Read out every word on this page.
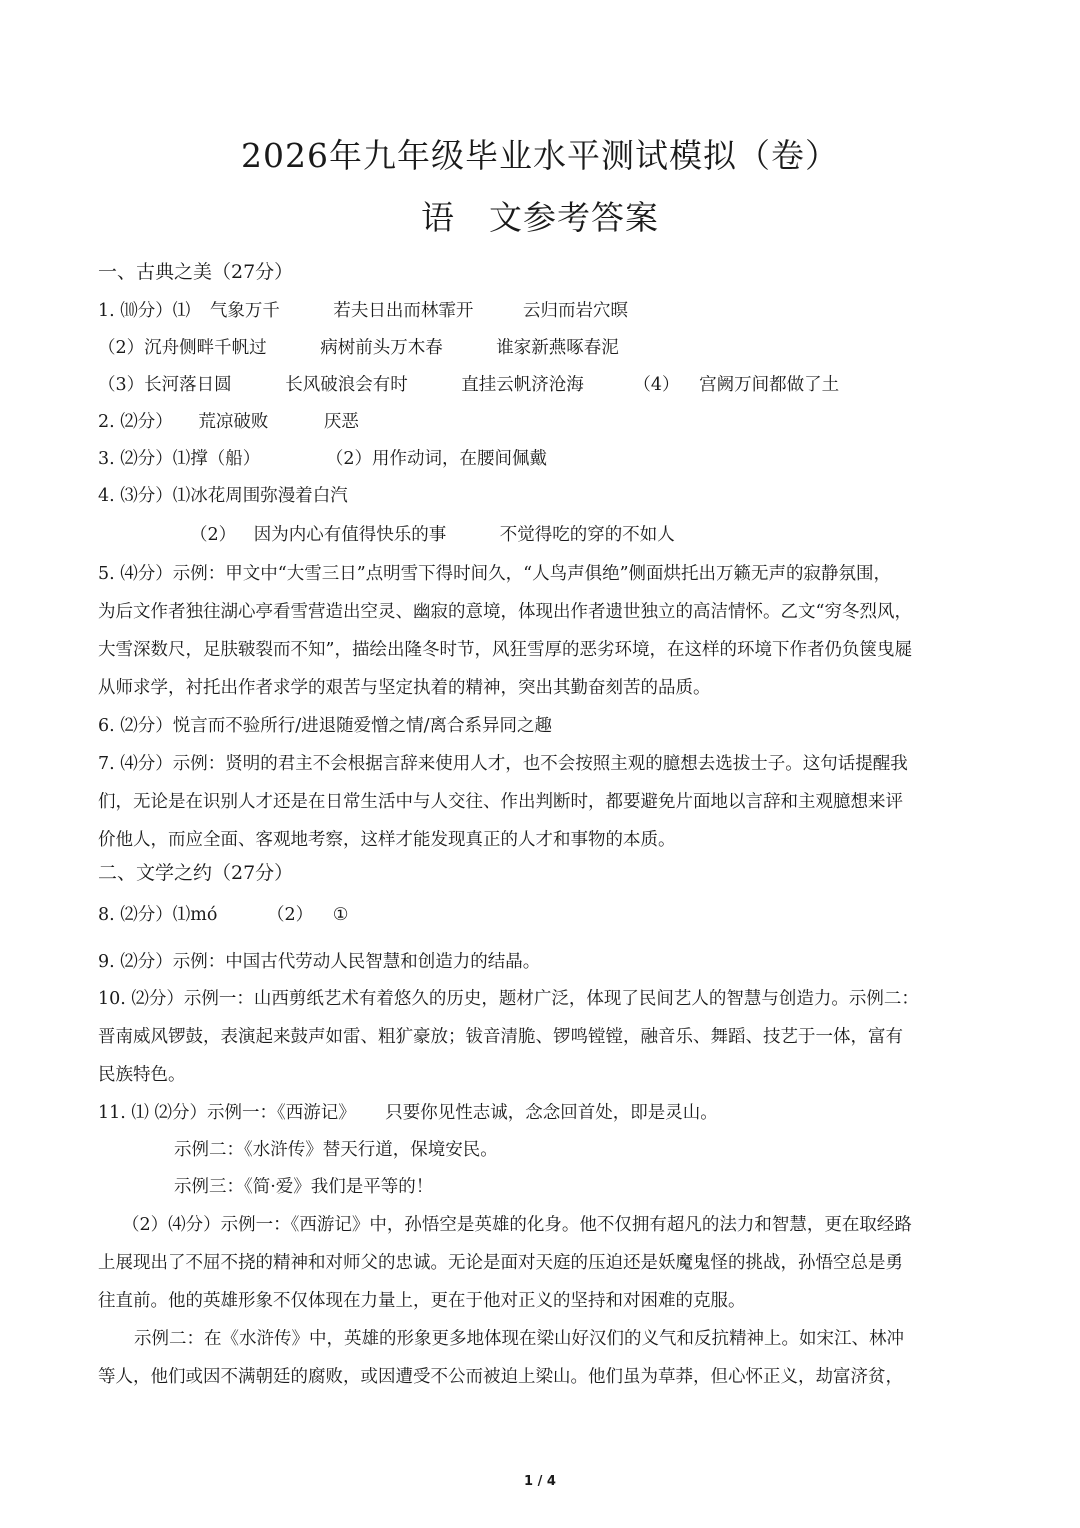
2026年九年级毕业水平测试模拟（卷）
语　文参考答案
一、古典之美（27分）
1. ⑽分）⑴ 气象万千	若夫日出而林霏开	云归而岩穴暝
（2）沉舟侧畔千帆过	病树前头万木春	谁家新燕啄春泥
（3）长河落日圆	长风破浪会有时	直挂云帆济沧海	（4） 宫阙万间都做了土
2. ⑵分） 荒凉破败	厌恶
3. ⑵分）⑴撑（船）	（2）用作动词，在腰间佩戴
4. ⑶分）⑴冰花周围弥漫着白汽
（2） 因为内心有值得快乐的事	不觉得吃的穿的不如人
5. ⑷分）示例：甲文中“大雪三日”点明雪下得时间久，“人鸟声俱绝”侧面烘托出万籁无声的寂静氛围，
为后文作者独往湖心亭看雪营造出空灵、幽寂的意境，体现出作者遗世独立的高洁情怀。乙文“穷冬烈风，
大雪深数尺，足肤皲裂而不知”，描绘出隆冬时节，风狂雪厚的恶劣环境，在这样的环境下作者仍负箧曳屣
从师求学，衬托出作者求学的艰苦与坚定执着的精神，突出其勤奋刻苦的品质。
6. ⑵分）悦言而不验所行/进退随爱憎之情/离合系异同之趣
7. ⑷分）示例：贤明的君主不会根据言辞来使用人才，也不会按照主观的臆想去选拔士子。这句话提醒我
们，无论是在识别人才还是在日常生活中与人交往、作出判断时，都要避免片面地以言辞和主观臆想来评
价他人，而应全面、客观地考察，这样才能发现真正的人才和事物的本质。
二、文学之约（27分）
8. ⑵分）⑴mó	（2） ①
9. ⑵分）示例：中国古代劳动人民智慧和创造力的结晶。
10. ⑵分）示例一：山西剪纸艺术有着悠久的历史，题材广泛，体现了民间艺人的智慧与创造力。示例二：
晋南威风锣鼓，表演起来鼓声如雷、粗犷豪放；钹音清脆、锣鸣镗镗，融音乐、舞蹈、技艺于一体，富有
民族特色。
11. ⑴ ⑵分）示例一：《西游记》 只要你见性志诚，念念回首处，即是灵山。
示例二：《水浒传》替天行道，保境安民。
示例三：《简·爱》我们是平等的！
（2）⑷分）示例一：《西游记》中，孙悟空是英雄的化身。他不仅拥有超凡的法力和智慧，更在取经路
上展现出了不屈不挠的精神和对师父的忠诚。无论是面对天庭的压迫还是妖魔鬼怪的挑战，孙悟空总是勇
往直前。他的英雄形象不仅体现在力量上，更在于他对正义的坚持和对困难的克服。
示例二：在《水浒传》中，英雄的形象更多地体现在梁山好汉们的义气和反抗精神上。如宋江、林冲
等人，他们或因不满朝廷的腐败，或因遭受不公而被迫上梁山。他们虽为草莽，但心怀正义，劫富济贫，
1 / 4
